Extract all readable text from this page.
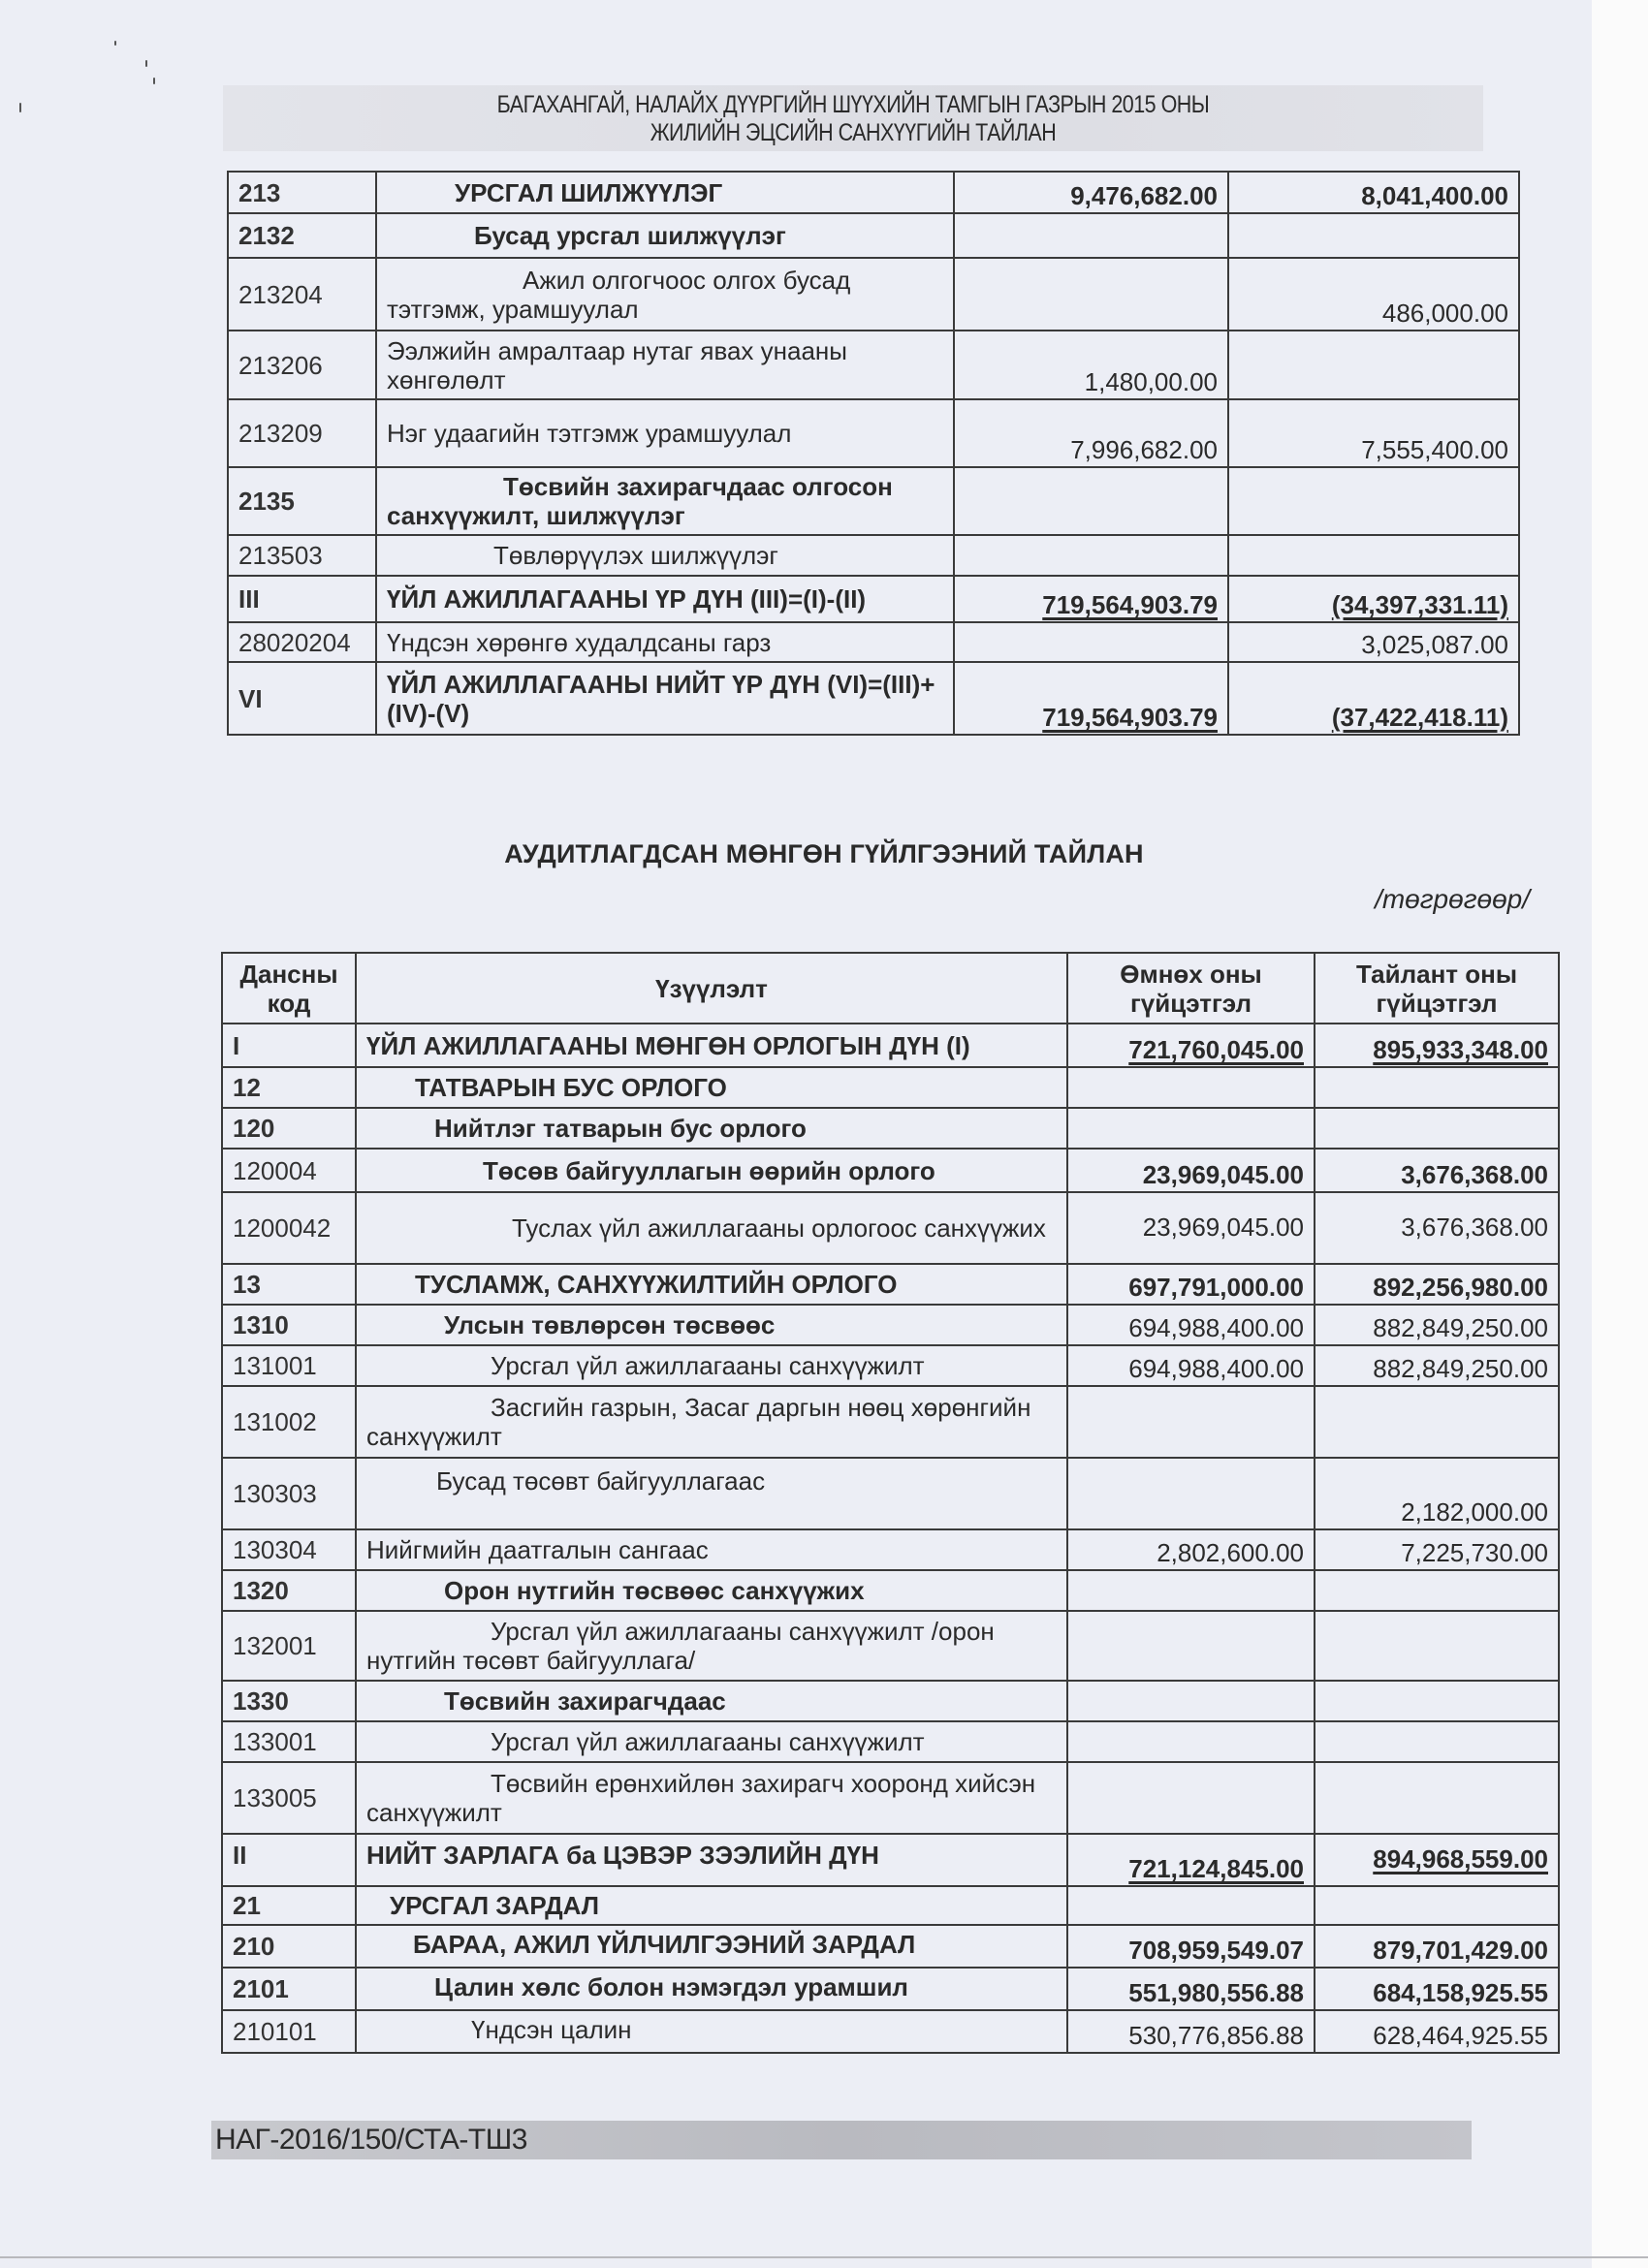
БАГАХАНГАЙ, НАЛАЙХ ДҮҮРГИЙН ШҮҮХИЙН ТАМГЫН ГАЗРЫН 2015 ОНЫ
ЖИЛИЙН ЭЦСИЙН САНХҮҮГИЙН ТАЙЛАН
213	УРСГАЛ ШИЛЖҮҮЛЭГ	9,476,682.00	8,041,400.00
2132	Бусад урсгал шилжүүлэг		
213204	Ажил олгогчоос олгох бусад тэтгэмж, урамшуулал		486,000.00
213206	Ээлжийн амралтаар нутаг явах унааны хөнгөлөлт	1,480,00.00	
213209	Нэг удаагийн тэтгэмж урамшуулал	7,996,682.00	7,555,400.00
2135	Төсвийн захирагчдаас олгосон санхүүжилт, шилжүүлэг		
213503	Төвлөрүүлэх шилжүүлэг		
III	ҮЙЛ АЖИЛЛАГААНЫ ҮР ДҮН (III)=(I)-(II)	719,564,903.79	(34,397,331.11)
28020204	Үндсэн хөрөнгө худалдсаны гарз		3,025,087.00
VI	ҮЙЛ АЖИЛЛАГААНЫ НИЙТ ҮР ДҮН (VI)=(III)+(IV)-(V)	719,564,903.79	(37,422,418.11)
АУДИТЛАГДСАН МӨНГӨН ГҮЙЛГЭЭНИЙ ТАЙЛАН
/төгрөгөөр/
Дансны код	Үзүүлэлт	Өмнөх оны гүйцэтгэл	Тайлант оны гүйцэтгэл
I	ҮЙЛ АЖИЛЛАГААНЫ МӨНГӨН ОРЛОГЫН ДҮН (I)	721,760,045.00	895,933,348.00
12	ТАТВАРЫН БУС ОРЛОГО		
120	Нийтлэг татварын бус орлого		
120004	Төсөв байгууллагын өөрийн орлого	23,969,045.00	3,676,368.00
1200042	Туслах үйл ажиллагааны орлогоос санхүүжих	23,969,045.00	3,676,368.00
13	ТУСЛАМЖ, САНХҮҮЖИЛТИЙН ОРЛОГО	697,791,000.00	892,256,980.00
1310	Улсын төвлөрсөн төсвөөс	694,988,400.00	882,849,250.00
131001	Урсгал үйл ажиллагааны санхүүжилт	694,988,400.00	882,849,250.00
131002	Засгийн газрын, Засаг даргын нөөц хөрөнгийн санхүүжилт		
130303	Бусад төсөвт байгууллагаас		2,182,000.00
130304	Нийгмийн даатгалын сангаас	2,802,600.00	7,225,730.00
1320	Орон нутгийн төсвөөс санхүүжих		
132001	Урсгал үйл ажиллагааны санхүүжилт /орон нутгийн төсөвт байгууллага/		
1330	Төсвийн захирагчдаас		
133001	Урсгал үйл ажиллагааны санхүүжилт		
133005	Төсвийн ерөнхийлөн захирагч хооронд хийсэн санхүүжилт		
II	НИЙТ ЗАРЛАГА ба ЦЭВЭР ЗЭЭЛИЙН ДҮН	721,124,845.00	894,968,559.00
21	УРСГАЛ ЗАРДАЛ		
210	БАРАА, АЖИЛ ҮЙЛЧИЛГЭЭНИЙ ЗАРДАЛ	708,959,549.07	879,701,429.00
2101	Цалин хөлс болон нэмэгдэл урамшил	551,980,556.88	684,158,925.55
210101	Үндсэн цалин	530,776,856.88	628,464,925.55
НАГ-2016/150/СТА-ТШ3
